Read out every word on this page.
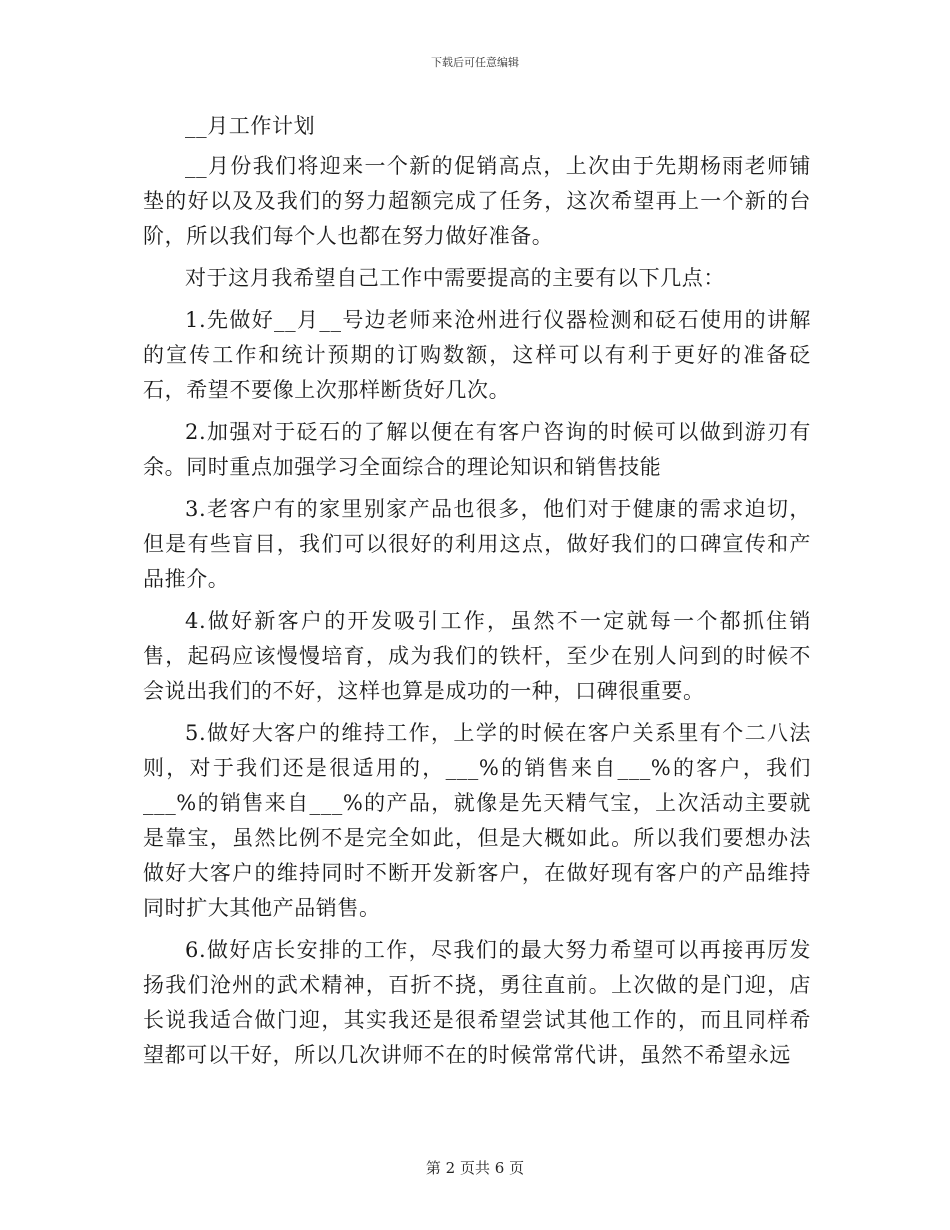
下载后可任意编辑

__月工作计划

__月份我们将迎来一个新的促销高点，上次由于先期杨雨老师铺垫的好以及及我们的努力超额完成了任务，这次希望再上一个新的台阶，所以我们每个人也都在努力做好准备。

对于这月我希望自己工作中需要提高的主要有以下几点：

1.先做好__月__号边老师来沧州进行仪器检测和砭石使用的讲解的宣传工作和统计预期的订购数额，这样可以有利于更好的准备砭石，希望不要像上次那样断货好几次。

2.加强对于砭石的了解以便在有客户咨询的时候可以做到游刃有余。同时重点加强学习全面综合的理论知识和销售技能

3.老客户有的家里别家产品也很多，他们对于健康的需求迫切，但是有些盲目，我们可以很好的利用这点，做好我们的口碑宣传和产品推介。

4.做好新客户的开发吸引工作，虽然不一定就每一个都抓住销售，起码应该慢慢培育，成为我们的铁杆，至少在别人问到的时候不会说出我们的不好，这样也算是成功的一种，口碑很重要。

5.做好大客户的维持工作，上学的时候在客户关系里有个二八法则，对于我们还是很适用的，___%的销售来自___%的客户，我们___%的销售来自___%的产品，就像是先天精气宝，上次活动主要就是靠宝，虽然比例不是完全如此，但是大概如此。所以我们要想办法做好大客户的维持同时不断开发新客户，在做好现有客户的产品维持同时扩大其他产品销售。

6.做好店长安排的工作，尽我们的最大努力希望可以再接再厉发扬我们沧州的武术精神，百折不挠，勇往直前。上次做的是门迎，店长说我适合做门迎，其实我还是很希望尝试其他工作的，而且同样希望都可以干好，所以几次讲师不在的时候常常代讲，虽然不希望永远

第 2 页共 6 页
